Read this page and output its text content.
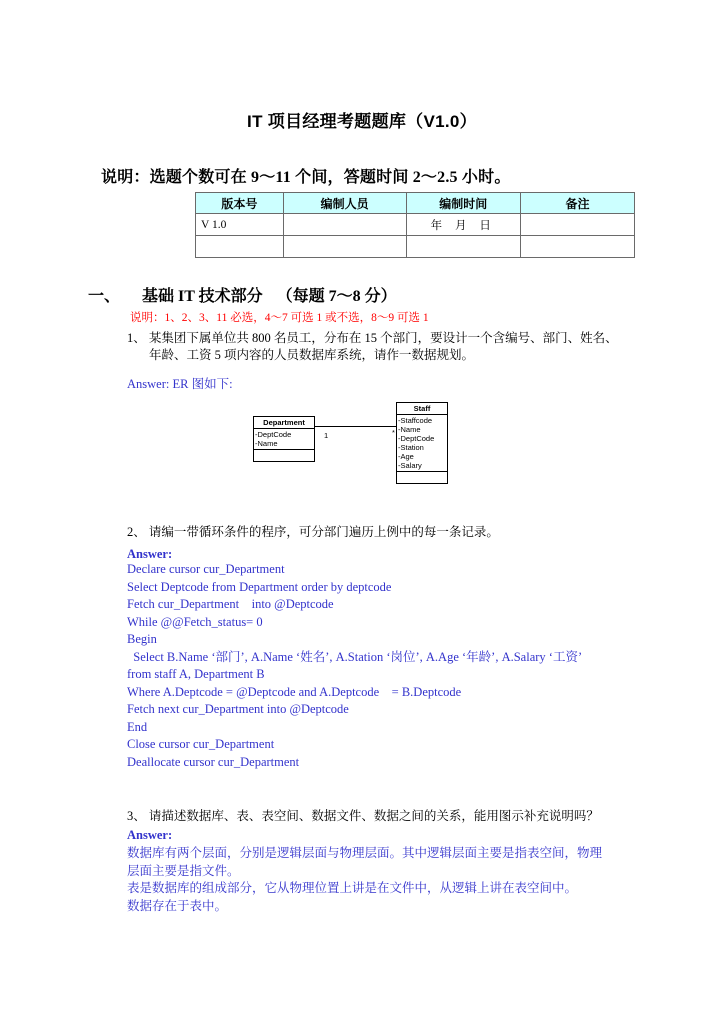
IT 项目经理考题题库（V1.0）
说明：选题个数可在 9～11 个间，答题时间 2～2.5 小时。
版本号	编制人员	编制时间	备注
V 1.0		年 月 日	

一、 基础 IT 技术部分 （每题 7～8 分）
说明：1、2、3、11 必选，4～7 可选 1 或不选，8～9 可选 1
1、 某集团下属单位共 800 名员工，分布在 15 个部门，要设计一个含编号、部门、姓名、
年龄、工资 5 项内容的人员数据库系统，请作一数据规划。
Answer: ER 图如下:
1	*
Department
-DeptCode
-Name
Staff
-Staffcode
-Name
-DeptCode
-Station
-Age
-Salary
2、 请编一带循环条件的程序，可分部门遍历上例中的每一条记录。
Answer:
Declare cursor cur_Department
Select Deptcode from Department order by deptcode
Fetch cur_Department    into @Deptcode
While @@Fetch_status= 0
Begin
Select B.Name ‘部门’, A.Name ‘姓名’, A.Station ‘岗位’, A.Age ‘年龄’, A.Salary ‘工资’
from staff A, Department B
Where A.Deptcode = @Deptcode and A.Deptcode    = B.Deptcode
Fetch next cur_Department into @Deptcode
End
Close cursor cur_Department
Deallocate cursor cur_Department
3、 请描述数据库、表、表空间、数据文件、数据之间的关系，能用图示补充说明吗？
Answer:
数据库有两个层面，分别是逻辑层面与物理层面。其中逻辑层面主要是指表空间，物理
层面主要是指文件。
表是数据库的组成部分，它从物理位置上讲是在文件中，从逻辑上讲在表空间中。
数据存在于表中。
